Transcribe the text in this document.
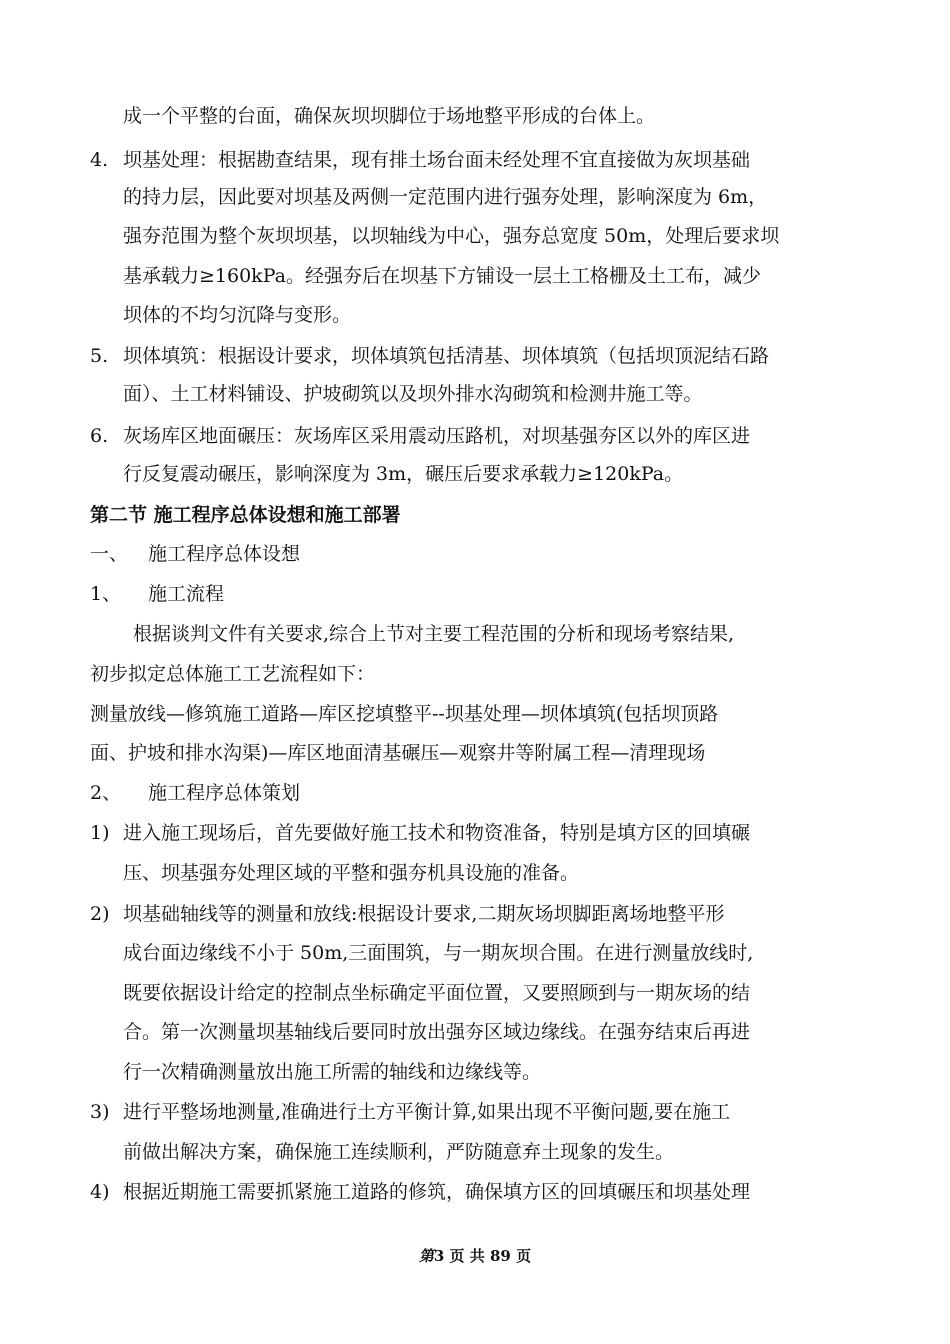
成一个平整的台面，确保灰坝坝脚位于场地整平形成的台体上。
4. 坝基处理：根据勘查结果，现有排土场台面未经处理不宜直接做为灰坝基础
的持力层，因此要对坝基及两侧一定范围内进行强夯处理，影响深度为 6m，
强夯范围为整个灰坝坝基，以坝轴线为中心，强夯总宽度 50m，处理后要求坝
基承载力≥160kPa。经强夯后在坝基下方铺设一层土工格栅及土工布，减少
坝体的不均匀沉降与变形。
5. 坝体填筑：根据设计要求，坝体填筑包括清基、坝体填筑（包括坝顶泥结石路
面）、土工材料铺设、护坡砌筑以及坝外排水沟砌筑和检测井施工等。
6. 灰场库区地面碾压：灰场库区采用震动压路机，对坝基强夯区以外的库区进
行反复震动碾压，影响深度为 3m，碾压后要求承载力≥120kPa。
第二节 施工程序总体设想和施工部署
一、 施工程序总体设想
1、 施工流程
根据谈判文件有关要求,综合上节对主要工程范围的分析和现场考察结果,
初步拟定总体施工工艺流程如下：
测量放线—修筑施工道路—库区挖填整平--坝基处理—坝体填筑(包括坝顶路
面、护坡和排水沟渠)—库区地面清基碾压—观察井等附属工程—清理现场
2、 施工程序总体策划
1) 进入施工现场后，首先要做好施工技术和物资准备，特别是填方区的回填碾
压、坝基强夯处理区域的平整和强夯机具设施的准备。
2) 坝基础轴线等的测量和放线:根据设计要求,二期灰场坝脚距离场地整平形
成台面边缘线不小于 50m,三面围筑，与一期灰坝合围。在进行测量放线时,
既要依据设计给定的控制点坐标确定平面位置，又要照顾到与一期灰场的结
合。第一次测量坝基轴线后要同时放出强夯区域边缘线。在强夯结束后再进
行一次精确测量放出施工所需的轴线和边缘线等。
3) 进行平整场地测量,准确进行土方平衡计算,如果出现不平衡问题,要在施工
前做出解决方案，确保施工连续顺利，严防随意弃土现象的发生。
4) 根据近期施工需要抓紧施工道路的修筑，确保填方区的回填碾压和坝基处理
第3 页 共 89 页
